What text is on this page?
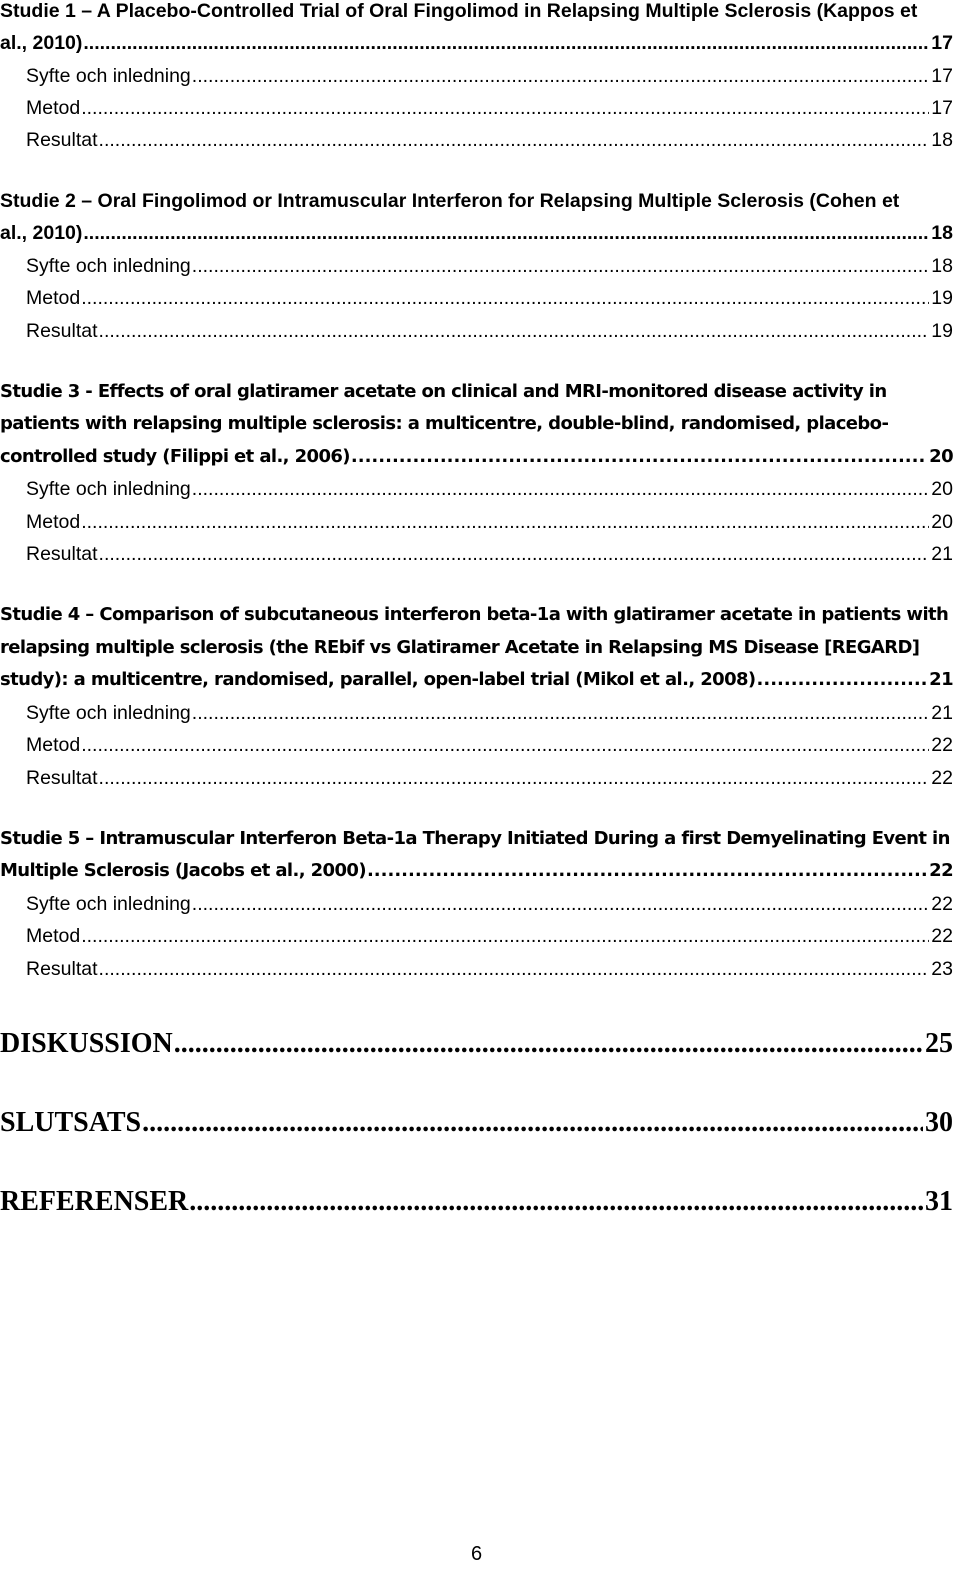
Studie 1 – A Placebo-Controlled Trial of Oral Fingolimod in Relapsing Multiple Sclerosis (Kappos et
al., 2010) .....	17
Syfte och inledning .....	17
Metod .....	17
Resultat .....	18
Studie 2 – Oral Fingolimod or Intramuscular Interferon for Relapsing Multiple Sclerosis (Cohen et
al., 2010) .....	18
Syfte och inledning .....	18
Metod .....	19
Resultat .....	19
Studie 3 - Effects of oral glatiramer acetate on clinical and MRI-monitored disease activity in
patients with relapsing multiple sclerosis: a multicentre, double-blind, randomised, placebo-
controlled study (Filippi et al., 2006) .....	20
Syfte och inledning .....	20
Metod .....	20
Resultat .....	21
Studie 4 – Comparison of subcutaneous interferon beta-1a with glatiramer acetate in patients with
relapsing multiple sclerosis (the REbif vs Glatiramer Acetate in Relapsing MS Disease [REGARD]
study): a multicentre, randomised, parallel, open-label trial (Mikol et al., 2008) .....	21
Syfte och inledning .....	21
Metod .....	22
Resultat .....	22
Studie 5 – Intramuscular Interferon Beta-1a Therapy Initiated During a first Demyelinating Event in
Multiple Sclerosis (Jacobs et al., 2000) .....	22
Syfte och inledning .....	22
Metod .....	22
Resultat .....	23
DISKUSSION .....	25
SLUTSATS .....	30
REFERENSER .....	31
6
